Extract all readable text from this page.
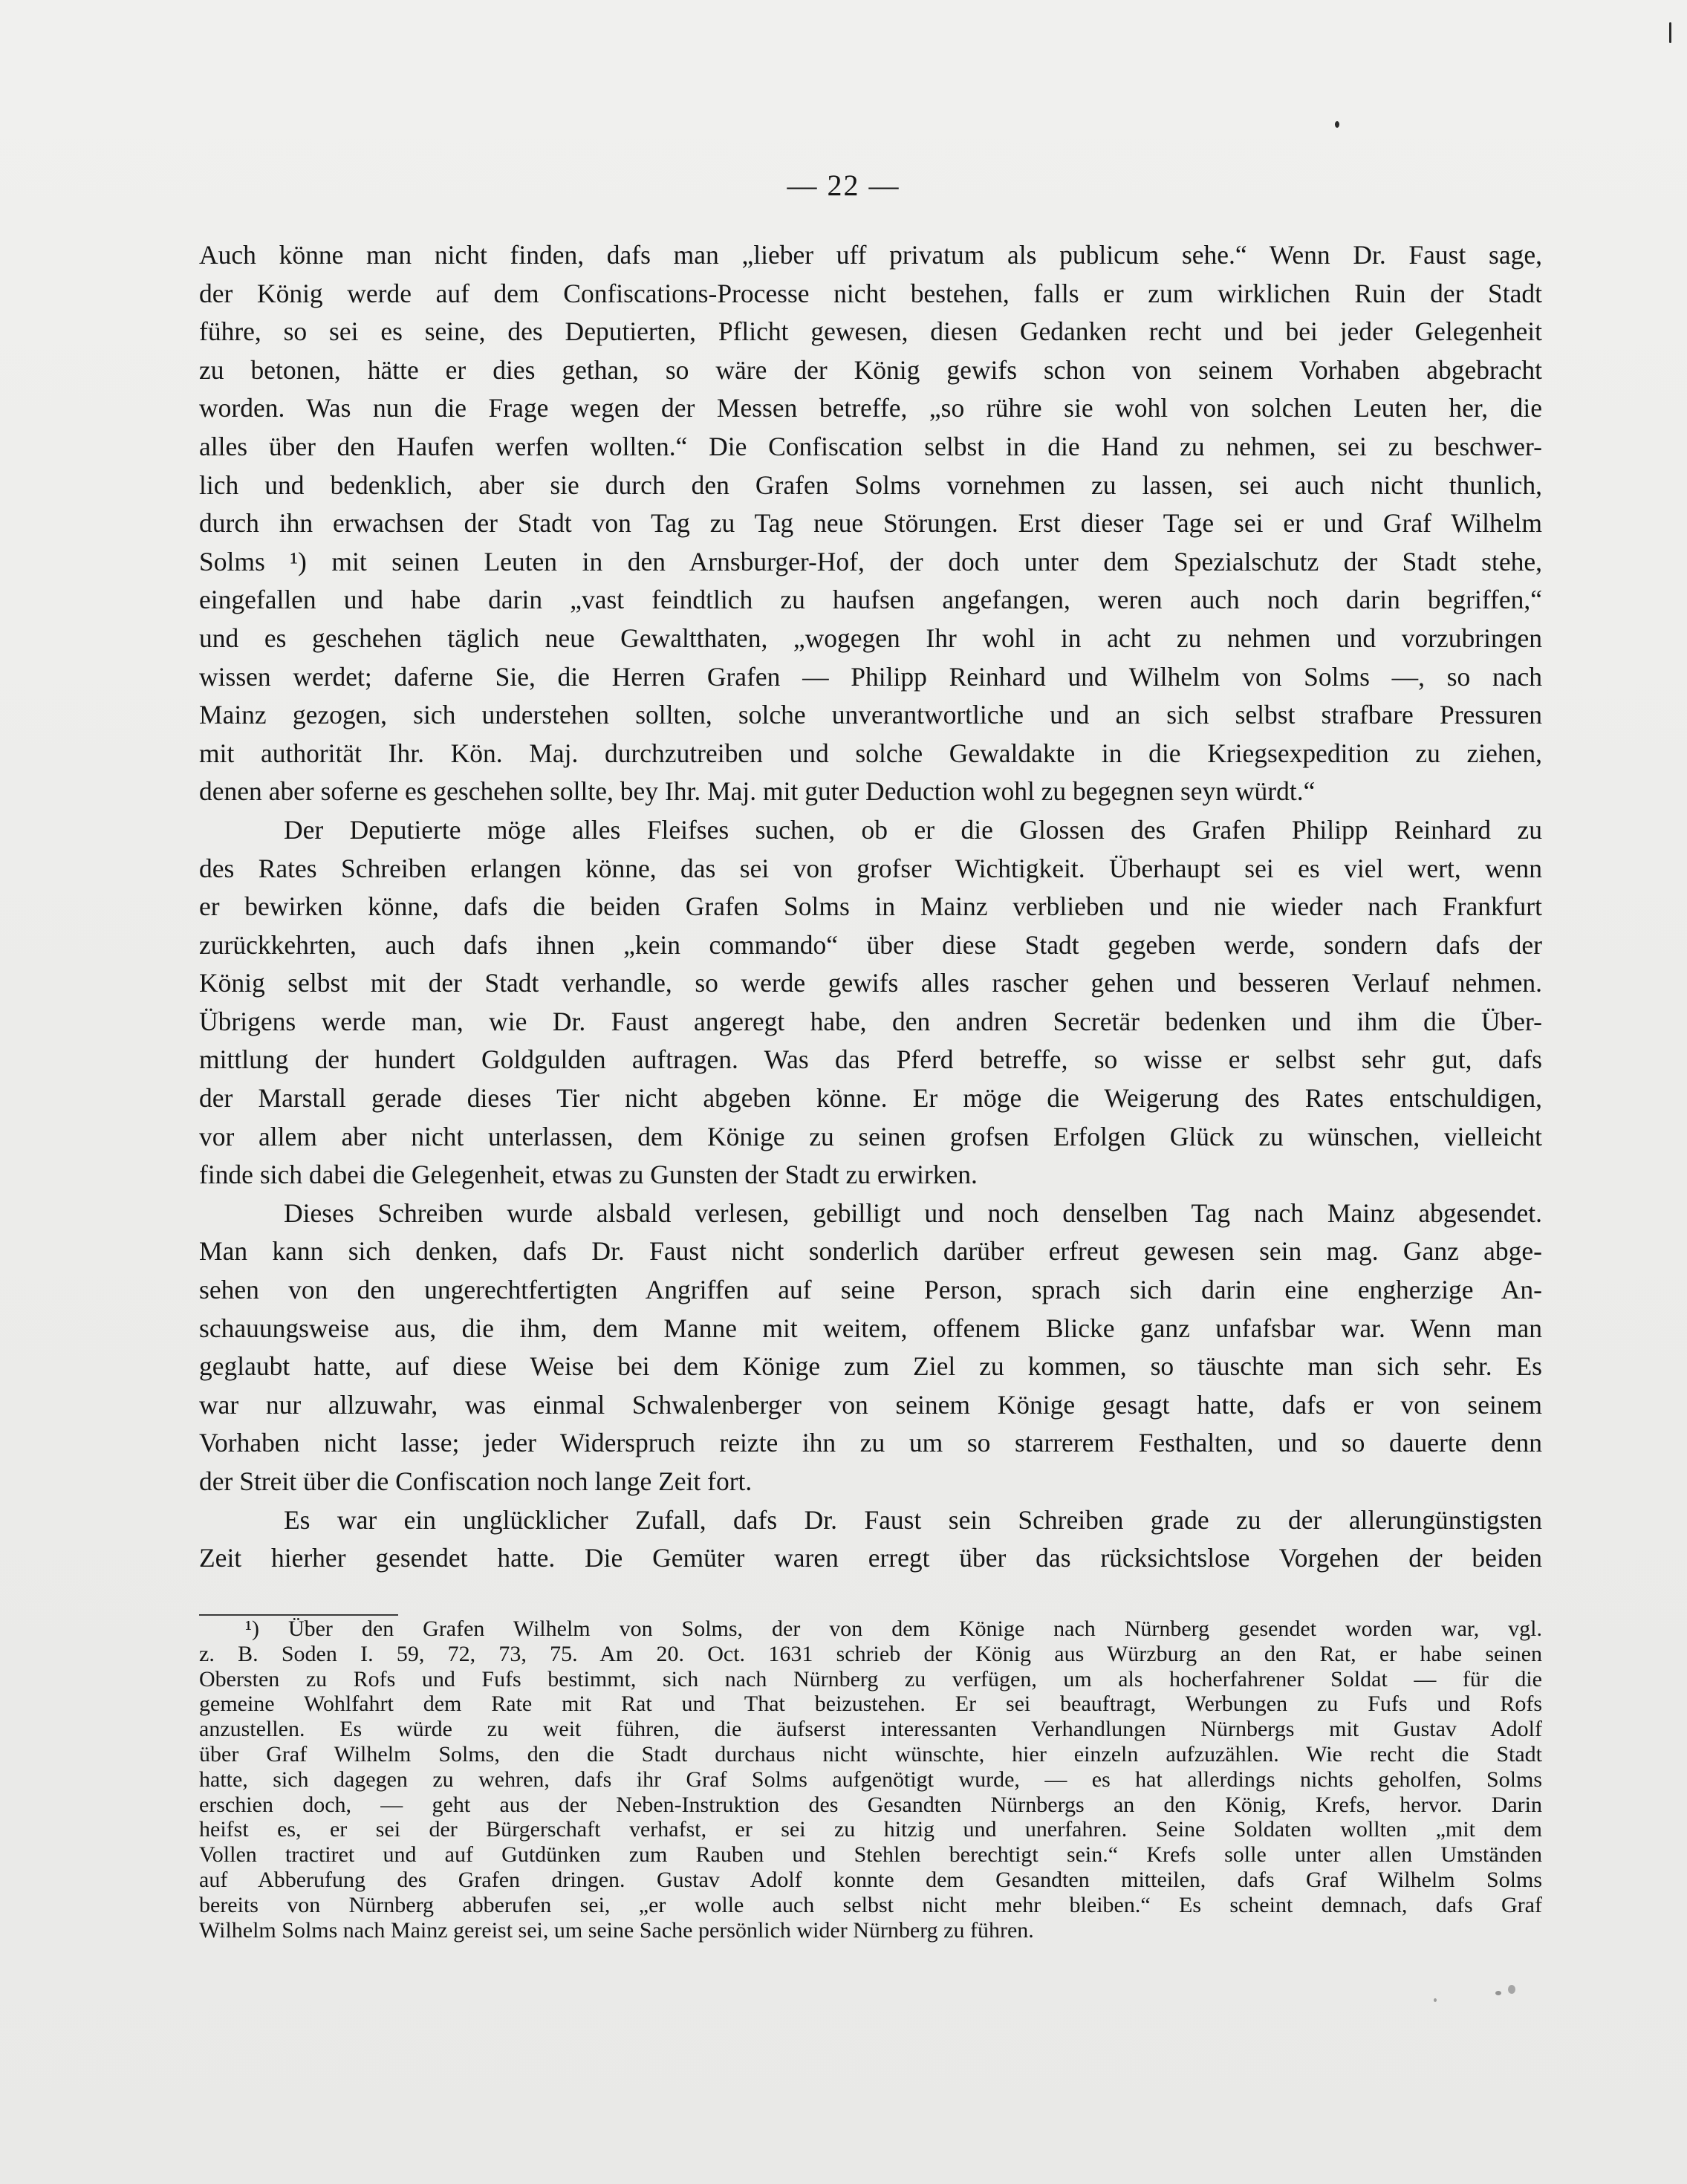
— 22 —
Auch könne man nicht finden, dafs man „lieber uff privatum als publicum sehe.“ Wenn Dr. Faust sage,
der König werde auf dem Confiscations-Processe nicht bestehen, falls er zum wirklichen Ruin der Stadt
führe, so sei es seine, des Deputierten, Pflicht gewesen, diesen Gedanken recht und bei jeder Gelegenheit
zu betonen, hätte er dies gethan, so wäre der König gewifs schon von seinem Vorhaben abgebracht
worden. Was nun die Frage wegen der Messen betreffe, „so rühre sie wohl von solchen Leuten her, die
alles über den Haufen werfen wollten.“ Die Confiscation selbst in die Hand zu nehmen, sei zu beschwer-
lich und bedenklich, aber sie durch den Grafen Solms vornehmen zu lassen, sei auch nicht thunlich,
durch ihn erwachsen der Stadt von Tag zu Tag neue Störungen. Erst dieser Tage sei er und Graf Wilhelm
Solms ¹) mit seinen Leuten in den Arnsburger-Hof, der doch unter dem Spezialschutz der Stadt stehe,
eingefallen und habe darin „vast feindtlich zu haufsen angefangen, weren auch noch darin begriffen,“
und es geschehen täglich neue Gewaltthaten, „wogegen Ihr wohl in acht zu nehmen und vorzubringen
wissen werdet; daferne Sie, die Herren Grafen — Philipp Reinhard und Wilhelm von Solms —, so nach
Mainz gezogen, sich understehen sollten, solche unverantwortliche und an sich selbst strafbare Pressuren
mit authorität Ihr. Kön. Maj. durchzutreiben und solche Gewaldakte in die Kriegsexpedition zu ziehen,
denen aber soferne es geschehen sollte, bey Ihr. Maj. mit guter Deduction wohl zu begegnen seyn würdt.“
Der Deputierte möge alles Fleifses suchen, ob er die Glossen des Grafen Philipp Reinhard zu
des Rates Schreiben erlangen könne, das sei von grofser Wichtigkeit. Überhaupt sei es viel wert, wenn
er bewirken könne, dafs die beiden Grafen Solms in Mainz verblieben und nie wieder nach Frankfurt
zurückkehrten, auch dafs ihnen „kein commando“ über diese Stadt gegeben werde, sondern dafs der
König selbst mit der Stadt verhandle, so werde gewifs alles rascher gehen und besseren Verlauf nehmen.
Übrigens werde man, wie Dr. Faust angeregt habe, den andren Secretär bedenken und ihm die Über-
mittlung der hundert Goldgulden auftragen. Was das Pferd betreffe, so wisse er selbst sehr gut, dafs
der Marstall gerade dieses Tier nicht abgeben könne. Er möge die Weigerung des Rates entschuldigen,
vor allem aber nicht unterlassen, dem Könige zu seinen grofsen Erfolgen Glück zu wünschen, vielleicht
finde sich dabei die Gelegenheit, etwas zu Gunsten der Stadt zu erwirken.
Dieses Schreiben wurde alsbald verlesen, gebilligt und noch denselben Tag nach Mainz abgesendet.
Man kann sich denken, dafs Dr. Faust nicht sonderlich darüber erfreut gewesen sein mag. Ganz abge-
sehen von den ungerechtfertigten Angriffen auf seine Person, sprach sich darin eine engherzige An-
schauungsweise aus, die ihm, dem Manne mit weitem, offenem Blicke ganz unfafsbar war. Wenn man
geglaubt hatte, auf diese Weise bei dem Könige zum Ziel zu kommen, so täuschte man sich sehr. Es
war nur allzuwahr, was einmal Schwalenberger von seinem Könige gesagt hatte, dafs er von seinem
Vorhaben nicht lasse; jeder Widerspruch reizte ihn zu um so starrerem Festhalten, und so dauerte denn
der Streit über die Confiscation noch lange Zeit fort.
Es war ein unglücklicher Zufall, dafs Dr. Faust sein Schreiben grade zu der allerungünstigsten
Zeit hierher gesendet hatte. Die Gemüter waren erregt über das rücksichtslose Vorgehen der beiden
¹) Über den Grafen Wilhelm von Solms, der von dem Könige nach Nürnberg gesendet worden war, vgl.
z. B. Soden I. 59, 72, 73, 75. Am 20. Oct. 1631 schrieb der König aus Würzburg an den Rat, er habe seinen
Obersten zu Rofs und Fufs bestimmt, sich nach Nürnberg zu verfügen, um als hocherfahrener Soldat — für die
gemeine Wohlfahrt dem Rate mit Rat und That beizustehen. Er sei beauftragt, Werbungen zu Fufs und Rofs
anzustellen. Es würde zu weit führen, die äufserst interessanten Verhandlungen Nürnbergs mit Gustav Adolf
über Graf Wilhelm Solms, den die Stadt durchaus nicht wünschte, hier einzeln aufzuzählen. Wie recht die Stadt
hatte, sich dagegen zu wehren, dafs ihr Graf Solms aufgenötigt wurde, — es hat allerdings nichts geholfen, Solms
erschien doch, — geht aus der Neben-Instruktion des Gesandten Nürnbergs an den König, Krefs, hervor. Darin
heifst es, er sei der Bürgerschaft verhafst, er sei zu hitzig und unerfahren. Seine Soldaten wollten „mit dem
Vollen tractiret und auf Gutdünken zum Rauben und Stehlen berechtigt sein.“ Krefs solle unter allen Umständen
auf Abberufung des Grafen dringen. Gustav Adolf konnte dem Gesandten mitteilen, dafs Graf Wilhelm Solms
bereits von Nürnberg abberufen sei, „er wolle auch selbst nicht mehr bleiben.“ Es scheint demnach, dafs Graf
Wilhelm Solms nach Mainz gereist sei, um seine Sache persönlich wider Nürnberg zu führen.
